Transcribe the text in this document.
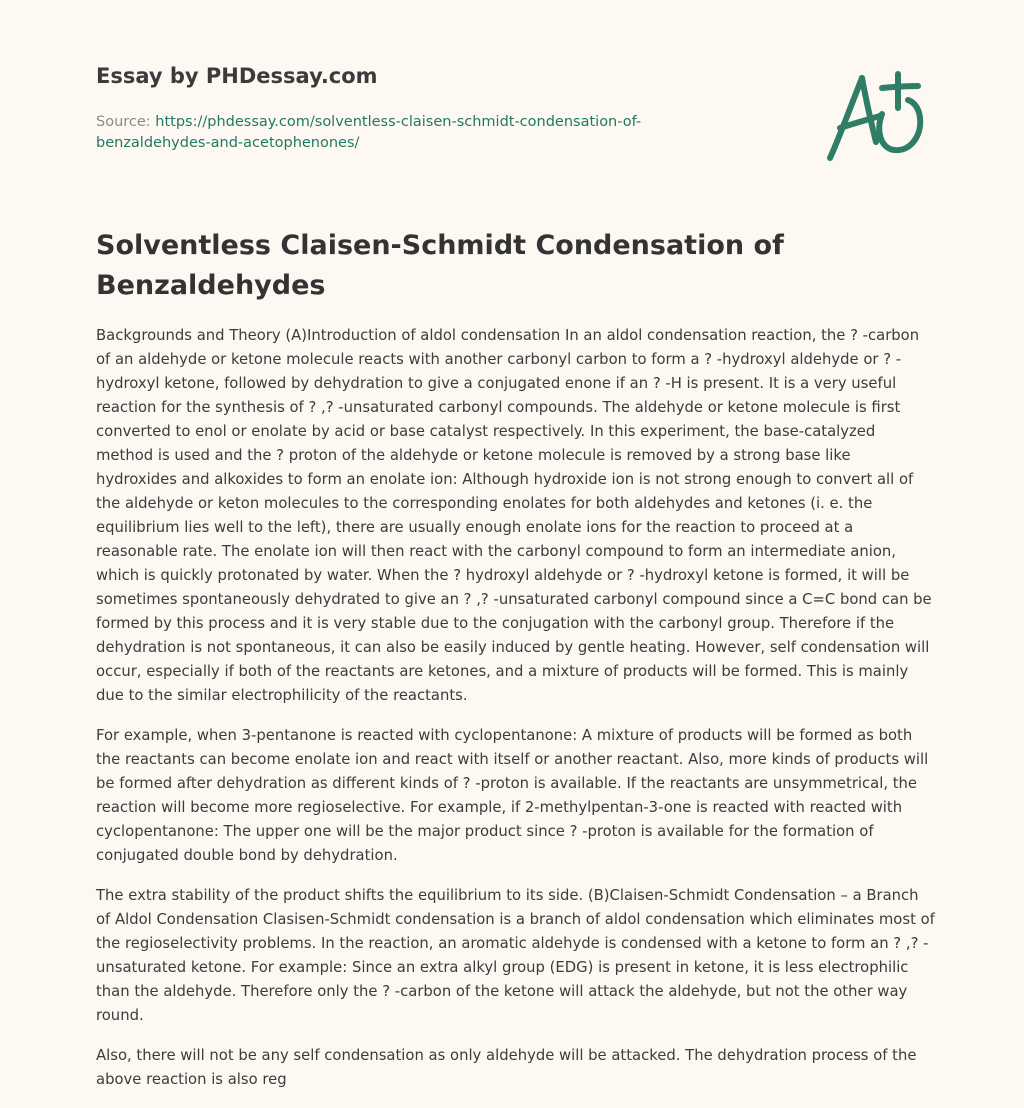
Essay by PHDessay.com
Source: https://phdessay.com/solventless-claisen-schmidt-condensation-of-benzaldehydes-and-acetophenones/
Solventless Claisen-Schmidt Condensation of Benzaldehydes

Backgrounds and Theory (A)Introduction of aldol condensation In an aldol condensation reaction, the ? -carbon of an aldehyde or ketone molecule reacts with another carbonyl carbon to form a ? -hydroxyl aldehyde or ? -hydroxyl ketone, followed by dehydration to give a conjugated enone if an ? -H is present. It is a very useful reaction for the synthesis of ? ,? -unsaturated carbonyl compounds. The aldehyde or ketone molecule is first converted to enol or enolate by acid or base catalyst respectively. In this experiment, the base-catalyzed method is used and the ? proton of the aldehyde or ketone molecule is removed by a strong base like hydroxides and alkoxides to form an enolate ion: Although hydroxide ion is not strong enough to convert all of the aldehyde or keton molecules to the corresponding enolates for both aldehydes and ketones (i. e. the equilibrium lies well to the left), there are usually enough enolate ions for the reaction to proceed at a reasonable rate. The enolate ion will then react with the carbonyl compound to form an intermediate anion, which is quickly protonated by water. When the ? hydroxyl aldehyde or ? -hydroxyl ketone is formed, it will be sometimes spontaneously dehydrated to give an ? ,? -unsaturated carbonyl compound since a C=C bond can be formed by this process and it is very stable due to the conjugation with the carbonyl group. Therefore if the dehydration is not spontaneous, it can also be easily induced by gentle heating. However, self condensation will occur, especially if both of the reactants are ketones, and a mixture of products will be formed. This is mainly due to the similar electrophilicity of the reactants.

For example, when 3-pentanone is reacted with cyclopentanone: A mixture of products will be formed as both the reactants can become enolate ion and react with itself or another reactant. Also, more kinds of products will be formed after dehydration as different kinds of ? -proton is available. If the reactants are unsymmetrical, the reaction will become more regioselective. For example, if 2-methylpentan-3-one is reacted with reacted with cyclopentanone: The upper one will be the major product since ? -proton is available for the formation of conjugated double bond by dehydration.

The extra stability of the product shifts the equilibrium to its side. (B)Claisen-Schmidt Condensation – a Branch of Aldol Condensation Clasisen-Schmidt condensation is a branch of aldol condensation which eliminates most of the regioselectivity problems. In the reaction, an aromatic aldehyde is condensed with a ketone to form an ? ,? -unsaturated ketone. For example: Since an extra alkyl group (EDG) is present in ketone, it is less electrophilic than the aldehyde. Therefore only the ? -carbon of the ketone will attack the aldehyde, but not the other way round.

Also, there will not be any self condensation as only aldehyde will be attacked. The dehydration process of the above reaction is also reg
